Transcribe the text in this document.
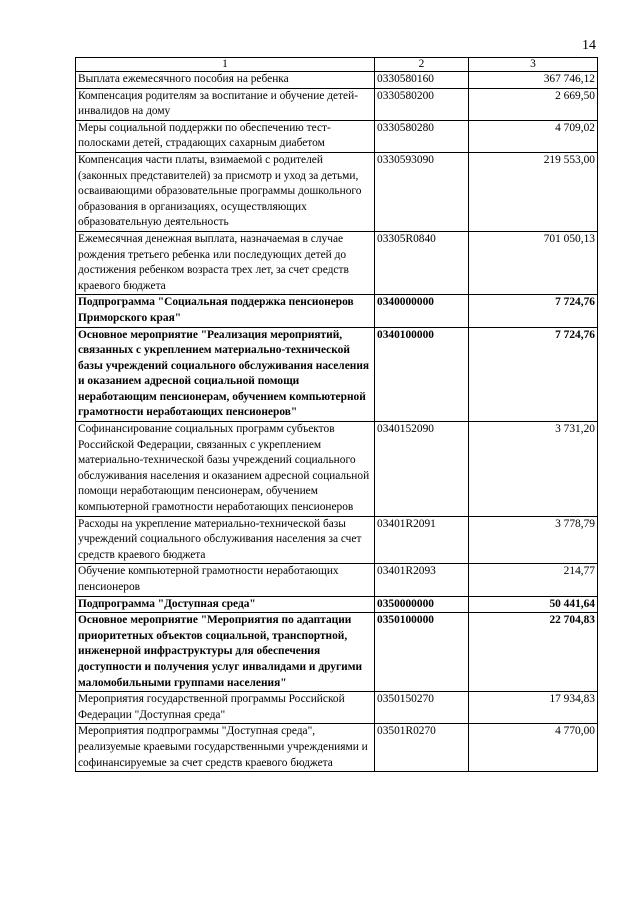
14
1	2	3
Выплата ежемесячного пособия на ребенка	0330580160	367 746,12
Компенсация родителям за воспитание и обучение детей-инвалидов на дому	0330580200	2 669,50
Меры социальной поддержки по обеспечению тест-полосками детей, страдающих сахарным диабетом	0330580280	4 709,02
Компенсация части платы, взимаемой с родителей (законных представителей) за присмотр и уход за детьми, осваивающими образовательные программы дошкольного образования в организациях, осуществляющих образовательную деятельность	0330593090	219 553,00
Ежемесячная денежная выплата, назначаемая в случае рождения третьего ребенка или последующих детей до достижения ребенком возраста трех лет, за счет средств краевого бюджета	03305R0840	701 050,13
Подпрограмма "Социальная поддержка пенсионеров Приморского края"	0340000000	7 724,76
Основное мероприятие "Реализация мероприятий, связанных с укреплением материально-технической базы учреждений социального обслуживания населения и оказанием адресной социальной помощи неработающим пенсионерам, обучением компьютерной грамотности неработающих пенсионеров"	0340100000	7 724,76
Софинансирование социальных программ субъектов Российской Федерации, связанных с укреплением материально-технической базы учреждений социального обслуживания населения и оказанием адресной социальной помощи неработающим пенсионерам, обучением компьютерной грамотности неработающих пенсионеров	0340152090	3 731,20
Расходы на укрепление материально-технической базы учреждений социального обслуживания населения за счет средств краевого бюджета	03401R2091	3 778,79
Обучение компьютерной грамотности неработающих пенсионеров	03401R2093	214,77
Подпрограмма "Доступная среда"	0350000000	50 441,64
Основное мероприятие "Мероприятия по адаптации приоритетных объектов социальной, транспортной, инженерной инфраструктуры для обеспечения доступности и получения услуг инвалидами и другими маломобильными группами населения"	0350100000	22 704,83
Мероприятия государственной программы Российской Федерации "Доступная среда"	0350150270	17 934,83
Мероприятия подпрограммы "Доступная среда", реализуемые краевыми государственными учреждениями и софинансируемые за счет средств краевого бюджета	03501R0270	4 770,00
